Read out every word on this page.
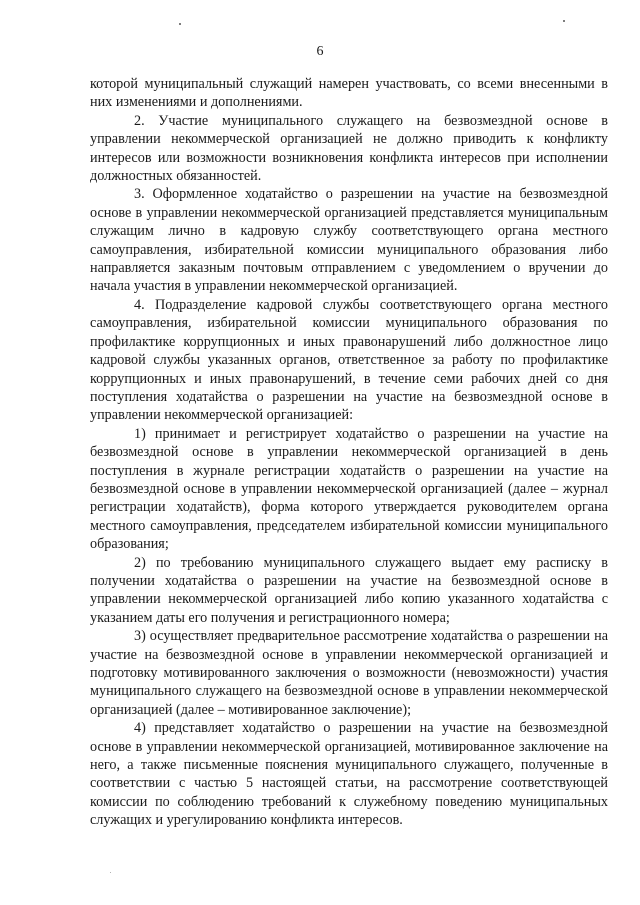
6

которой муниципальный служащий намерен участвовать, со всеми внесенными в них изменениями и дополнениями.

2. Участие муниципального служащего на безвозмездной основе в управлении некоммерческой организацией не должно приводить к конфликту интересов или возможности возникновения конфликта интересов при исполнении должностных обязанностей.

3. Оформленное ходатайство о разрешении на участие на безвозмездной основе в управлении некоммерческой организацией представляется муниципальным служащим лично в кадровую службу соответствующего органа местного самоуправления, избирательной комиссии муниципального образования либо направляется заказным почтовым отправлением с уведомлением о вручении до начала участия в управлении некоммерческой организацией.

4. Подразделение кадровой службы соответствующего органа местного самоуправления, избирательной комиссии муниципального образования по профилактике коррупционных и иных правонарушений либо должностное лицо кадровой службы указанных органов, ответственное за работу по профилактике коррупционных и иных правонарушений, в течение семи рабочих дней со дня поступления ходатайства о разрешении на участие на безвозмездной основе в управлении некоммерческой организацией:

1) принимает и регистрирует ходатайство о разрешении на участие на безвозмездной основе в управлении некоммерческой организацией в день поступления в журнале регистрации ходатайств о разрешении на участие на безвозмездной основе в управлении некоммерческой организацией (далее – журнал регистрации ходатайств), форма которого утверждается руководителем органа местного самоуправления, председателем избирательной комиссии муниципального образования;

2) по требованию муниципального служащего выдает ему расписку в получении ходатайства о разрешении на участие на безвозмездной основе в управлении некоммерческой организацией либо копию указанного ходатайства с указанием даты его получения и регистрационного номера;

3) осуществляет предварительное рассмотрение ходатайства о разрешении на участие на безвозмездной основе в управлении некоммерческой организацией и подготовку мотивированного заключения о возможности (невозможности) участия муниципального служащего на безвозмездной основе в управлении некоммерческой организацией (далее – мотивированное заключение);

4) представляет ходатайство о разрешении на участие на безвозмездной основе в управлении некоммерческой организацией, мотивированное заключение на него, а также письменные пояснения муниципального служащего, полученные в соответствии с частью 5 настоящей статьи, на рассмотрение соответствующей комиссии по соблюдению требований к служебному поведению муниципальных служащих и урегулированию конфликта интересов.
